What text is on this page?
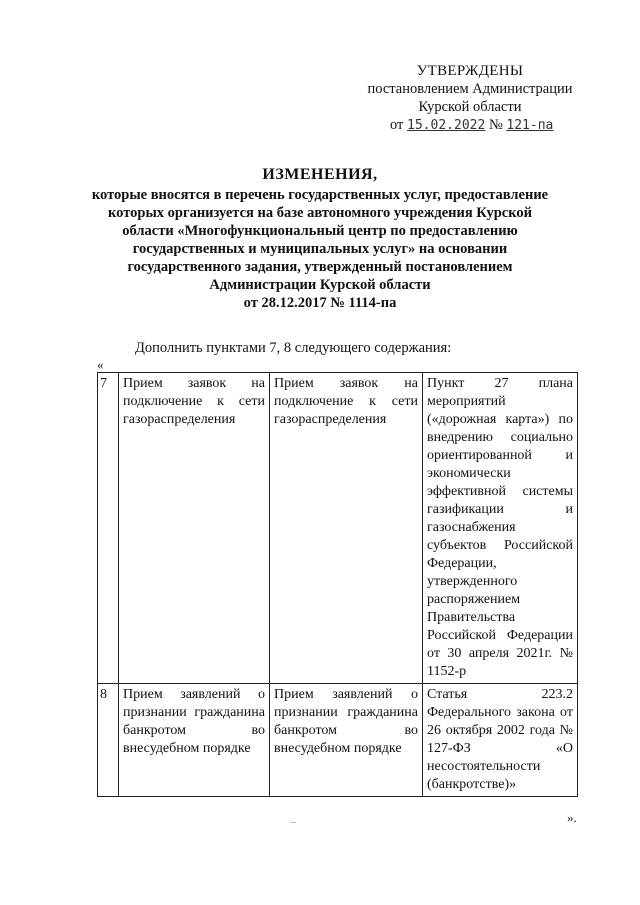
УТВЕРЖДЕНЫ
постановлением Администрации
Курской области
от 15.02.2022 № 121-па
ИЗМЕНЕНИЯ,
которые вносятся в перечень государственных услуг, предоставление
которых организуется на базе автономного учреждения Курской
области «Многофункциональный центр по предоставлению
государственных и муниципальных услуг» на основании
государственного задания, утвержденный постановлением
Администрации Курской области
от 28.12.2017 № 1114-па
Дополнить пунктами 7, 8 следующего содержания:
«
7	Прием заявок на подключение к сети газораспределения	Прием заявок на подключение к сети газораспределения	Пункт 27 плана мероприятий («дорожная карта») по внедрению социально ориентированной и экономически эффективной системы газификации и газоснабжения субъектов Российской Федерации, утвержденного распоряжением Правительства Российской Федерации от 30 апреля 2021г. № 1152-р
8	Прием заявлений о признании гражданина банкротом во внесудебном порядке	Прием заявлений о признании гражданина банкротом во внесудебном порядке	Статья 223.2 Федерального закона от 26 октября 2002 года № 127-ФЗ «О несостоятельности (банкротстве)»
».
